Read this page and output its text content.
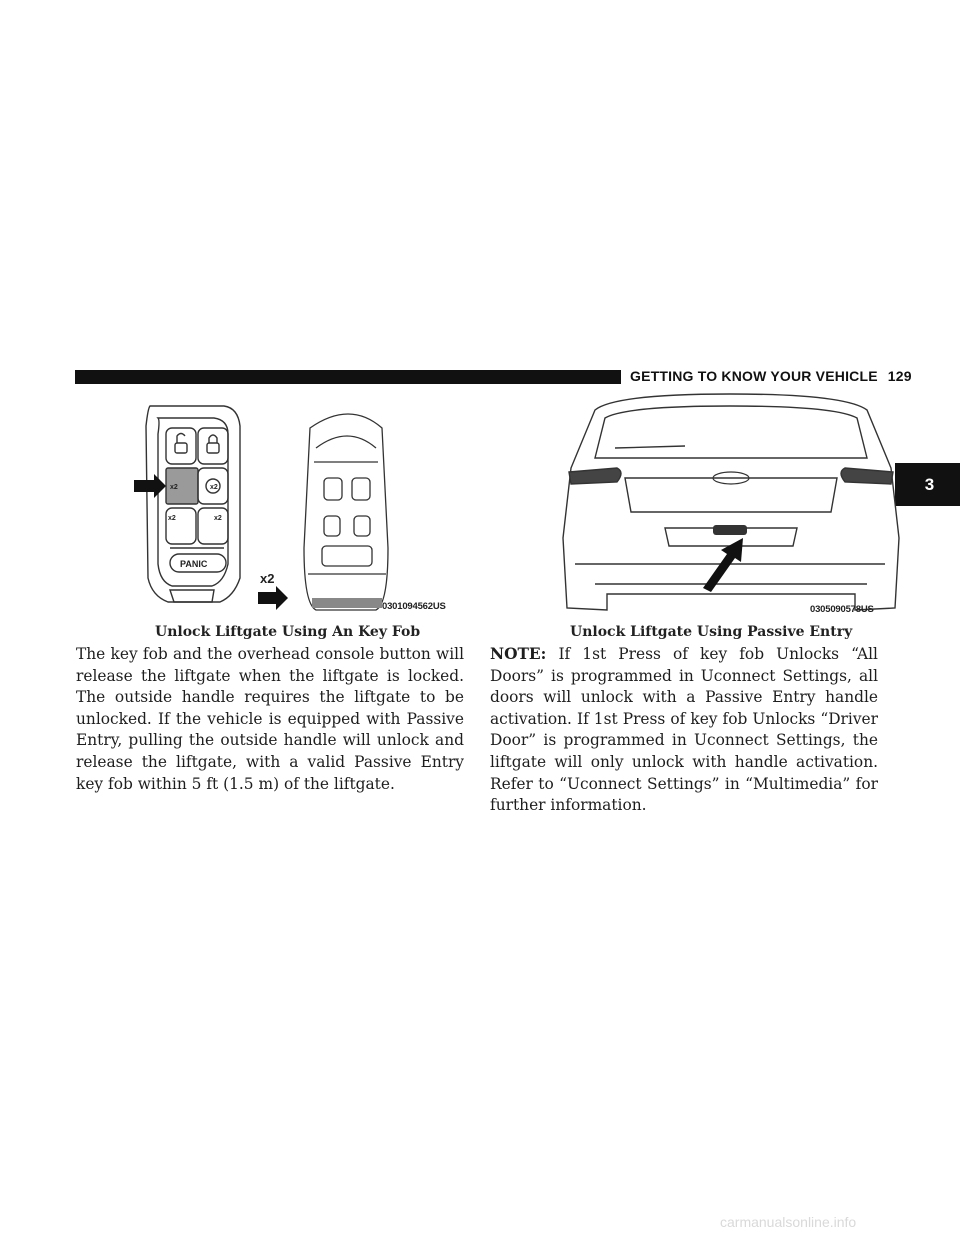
GETTING TO KNOW YOUR VEHICLE 129
3
PANIC
x2	x2
x2	x2
x2
0301094562US	0305090578US
Unlock Liftgate Using An Key Fob	Unlock Liftgate Using Passive Entry
The key fob and the overhead console button will release the liftgate when the liftgate is locked. The outside handle requires the liftgate to be unlocked. If the vehicle is equipped with Passive Entry, pulling the outside handle will unlock and release the liftgate, with a valid Passive Entry key fob within 5 ft (1.5 m) of the liftgate.
NOTE: If 1st Press of key fob Unlocks “All Doors” is programmed in Uconnect Settings, all doors will unlock with a Passive Entry handle activation. If 1st Press of key fob Unlocks “Driver Door” is programmed in Uconnect Settings, the liftgate will only unlock with handle activation. Refer to “Uconnect Settings” in “Multimedia” for further information.
carmanualsonline.info
